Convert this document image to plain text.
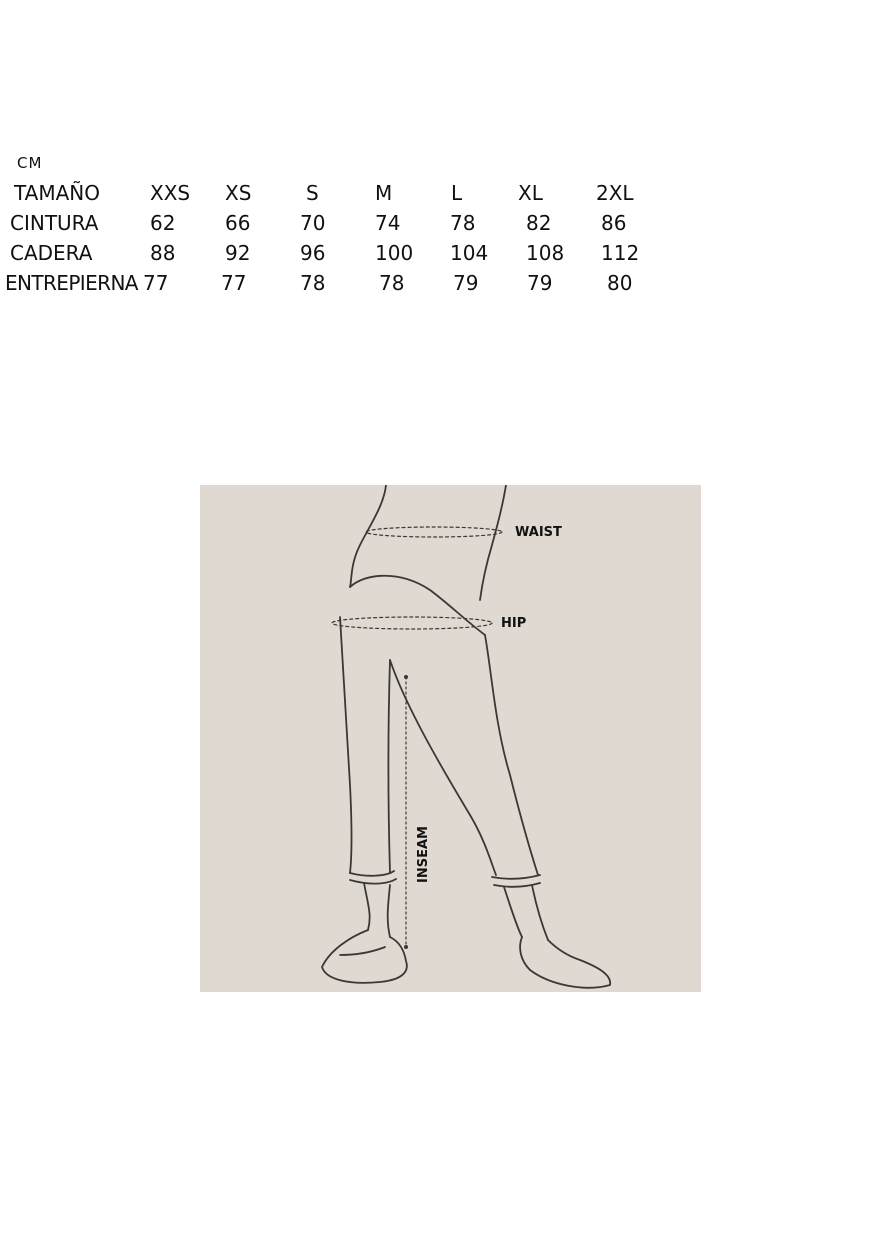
CM
TAMAÑO	XXS XS	S	M	L	XL	2XL
CINTURA	62 66 70 74 78	82 86
CADERA	88 92 96 100 104 108 112
ENTREPIERNA 77	77	78	78 79 79	80
WAIST
HIP
INSEAM
